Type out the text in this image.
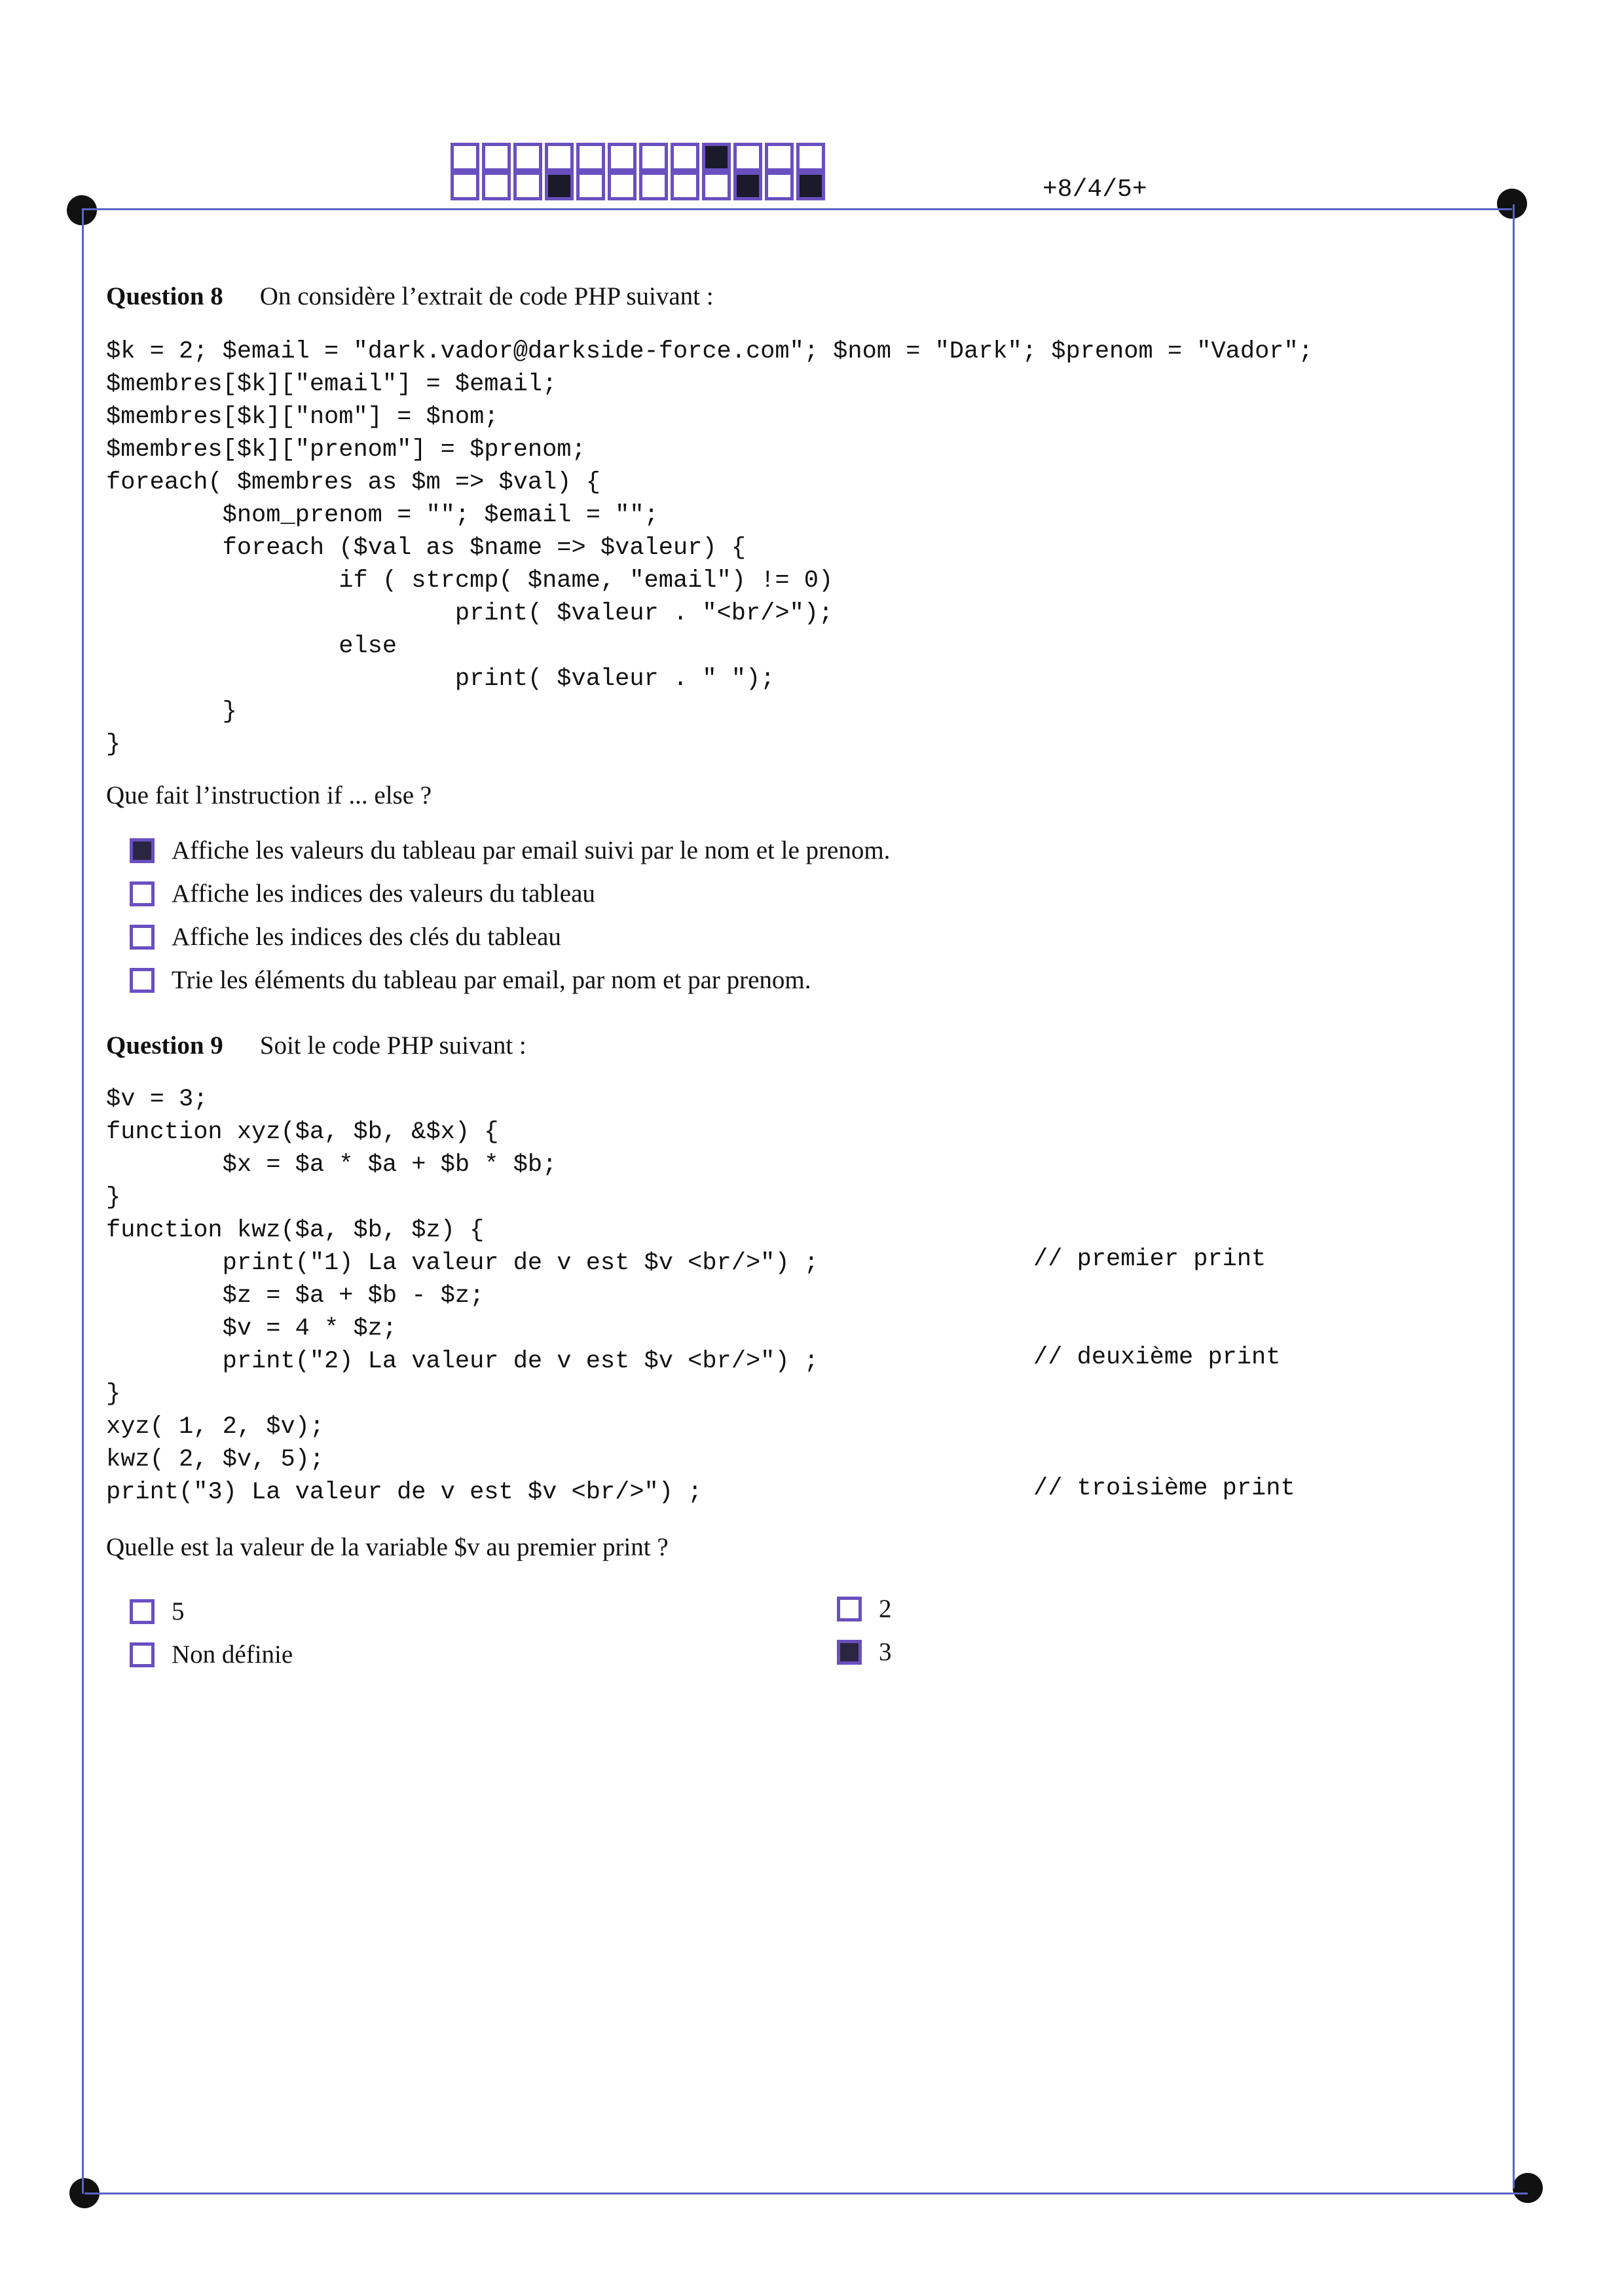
+8/4/5+
Question 8 On considère l’extrait de code PHP suivant :
$k = 2; $email = "dark.vador@darkside-force.com"; $nom = "Dark"; $prenom = "Vador";
$membres[$k]["email"] = $email;
$membres[$k]["nom"] = $nom;
$membres[$k]["prenom"] = $prenom;
foreach( $membres as $m => $val) {
$nom_prenom = ""; $email = "";
foreach ($val as $name => $valeur) {
if ( strcmp( $name, "email") != 0)
print( $valeur . "<br/>");
else
print( $valeur . " ");
}
}
Que fait l’instruction if ... else ?
Affiche les valeurs du tableau par email suivi par le nom et le prenom.
Affiche les indices des valeurs du tableau
Affiche les indices des clés du tableau
Trie les éléments du tableau par email, par nom et par prenom.
Question 9 Soit le code PHP suivant :
$v = 3;
function xyz($a, $b, &$x) {
$x = $a * $a + $b * $b;
}
function kwz($a, $b, $z) {
print("1) La valeur de v est $v <br/>") ;
$z = $a + $b - $z;
$v = 4 * $z;
print("2) La valeur de v est $v <br/>") ;
}
xyz( 1, 2, $v);
kwz( 2, $v, 5);
print("3) La valeur de v est $v <br/>") ;
// premier print
// deuxième print
// troisième print
Quelle est la valeur de la variable $v au premier print ?
5	2
Non définie	3
